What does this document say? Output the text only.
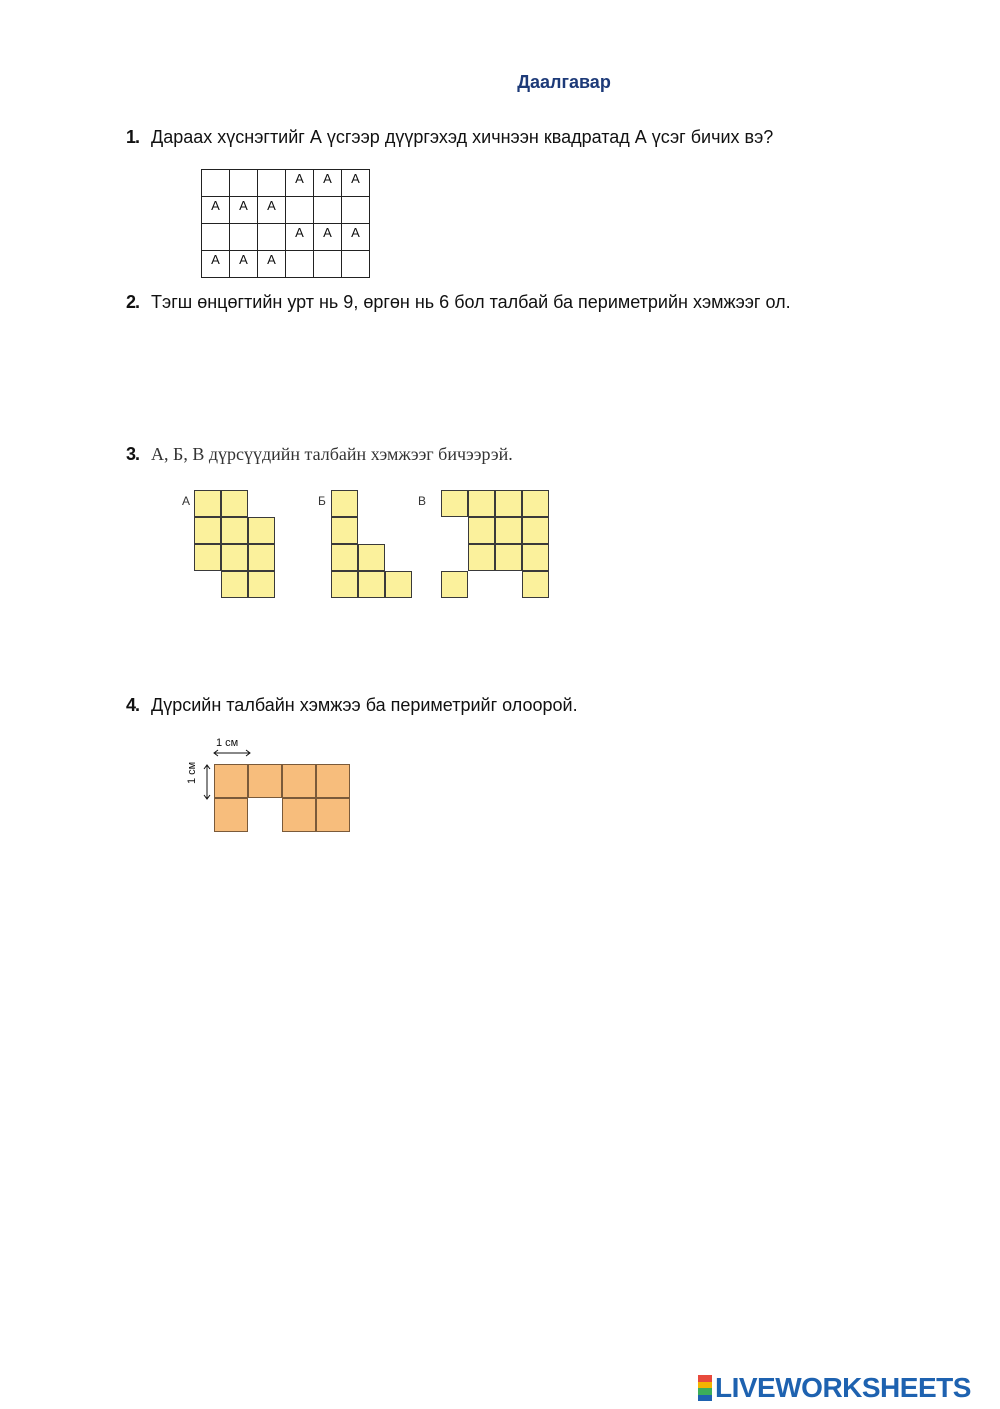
Даалгавар
1. Дараах хүснэгтийг А үсгээр дүүргэхэд хичнээн квадратад А үсэг бичих вэ?
			A	A	A
A	A	A			
			A	A	A
A	A	A			
2. Тэгш өнцөгтийн урт нь 9, өргөн нь 6 бол талбай ба периметрийн хэмжээг ол.
3. А, Б, В дүрсүүдийн талбайн хэмжээг бичээрэй.
А	Б	В
4. Дүрсийн талбайн хэмжээ ба периметрийг олоорой.
1 см
1 см
LIVEWORKSHEETS
